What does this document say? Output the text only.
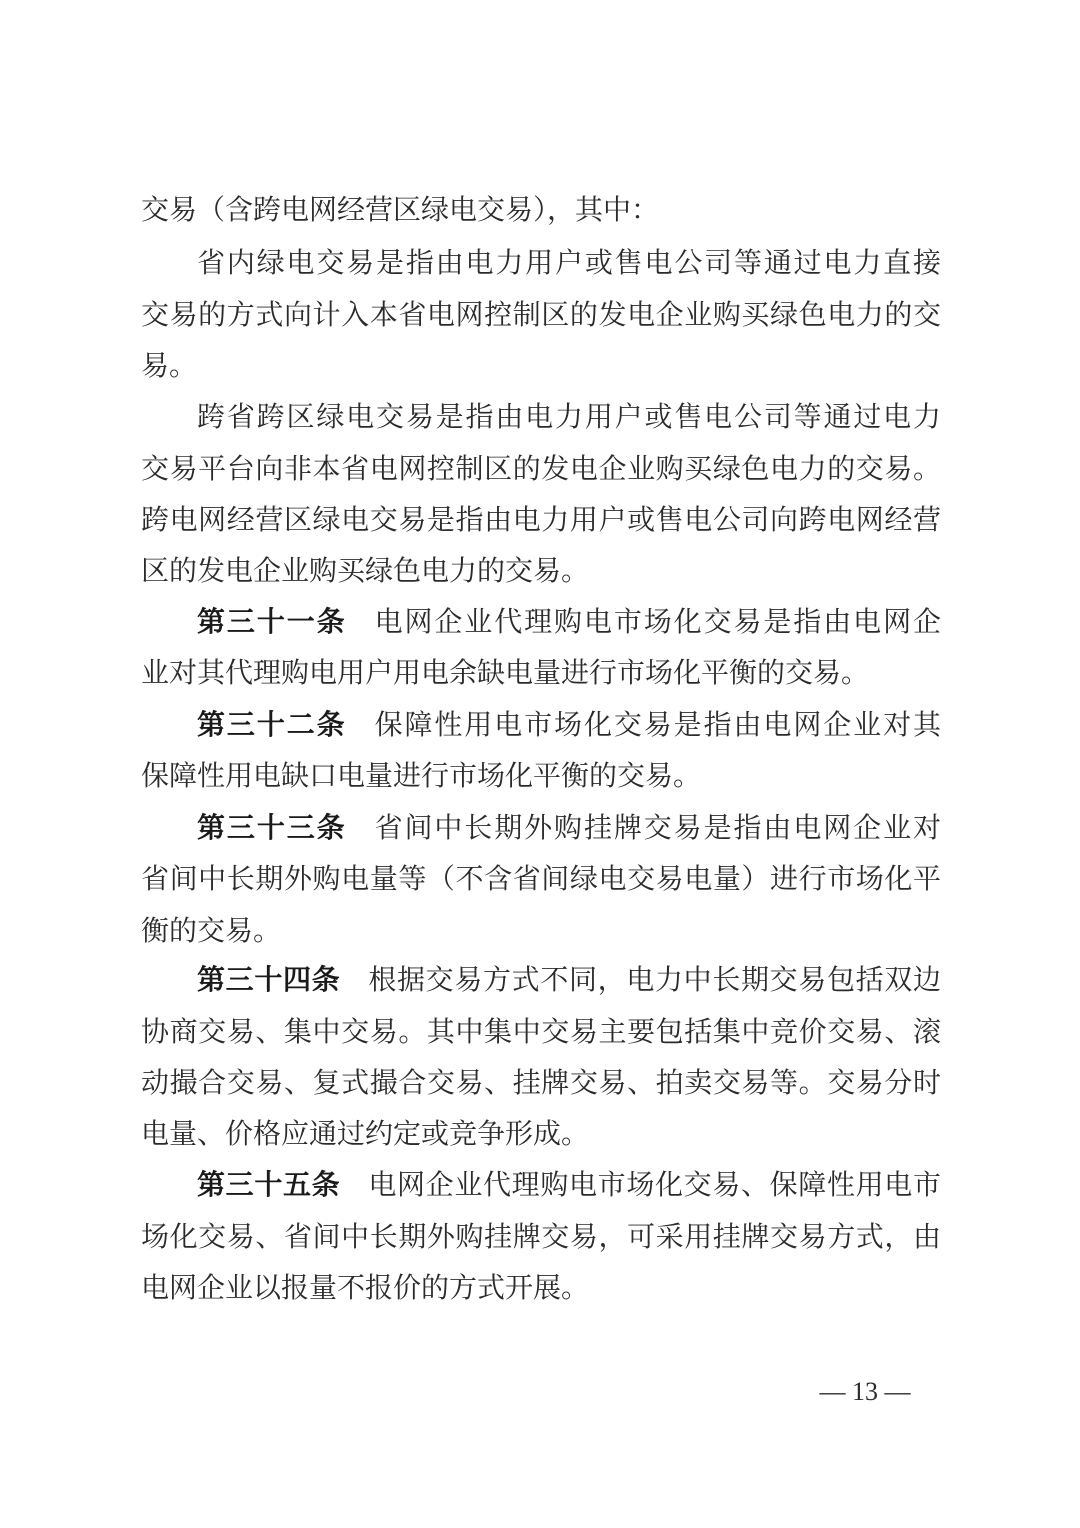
交易（含跨电网经营区绿电交易），其中：
省内绿电交易是指由电力用户或售电公司等通过电力直接
交易的方式向计入本省电网控制区的发电企业购买绿色电力的交
易。
跨省跨区绿电交易是指由电力用户或售电公司等通过电力
交易平台向非本省电网控制区的发电企业购买绿色电力的交易。
跨电网经营区绿电交易是指由电力用户或售电公司向跨电网经营
区的发电企业购买绿色电力的交易。
第三十一条 电网企业代理购电市场化交易是指由电网企
业对其代理购电用户用电余缺电量进行市场化平衡的交易。
第三十二条 保障性用电市场化交易是指由电网企业对其
保障性用电缺口电量进行市场化平衡的交易。
第三十三条 省间中长期外购挂牌交易是指由电网企业对
省间中长期外购电量等（不含省间绿电交易电量）进行市场化平
衡的交易。
第三十四条 根据交易方式不同，电力中长期交易包括双边
协商交易、集中交易。其中集中交易主要包括集中竞价交易、滚
动撮合交易、复式撮合交易、挂牌交易、拍卖交易等。交易分时
电量、价格应通过约定或竞争形成。
第三十五条 电网企业代理购电市场化交易、保障性用电市
场化交易、省间中长期外购挂牌交易，可采用挂牌交易方式，由
电网企业以报量不报价的方式开展。
— 13 —
